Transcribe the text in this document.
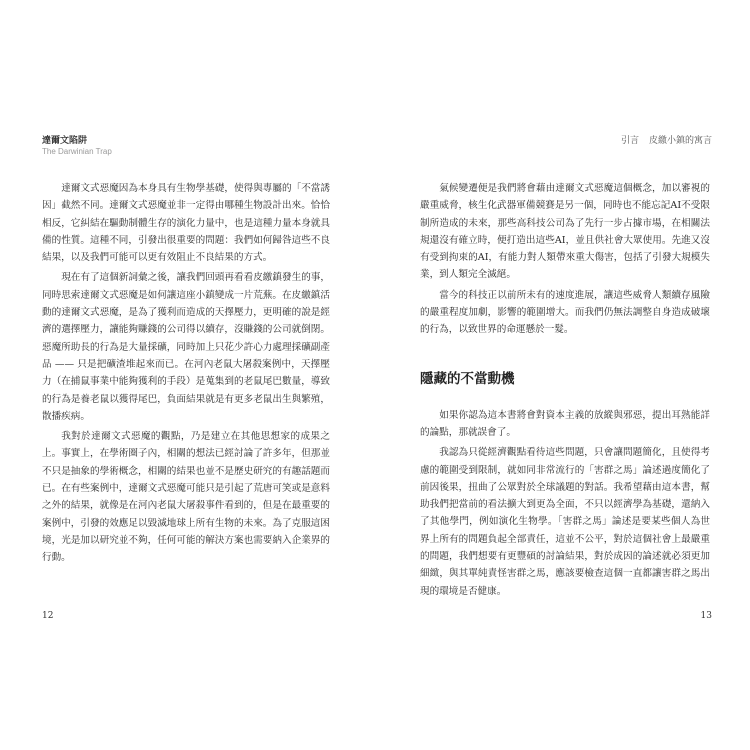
達爾文陷阱
The Darwinian Trap
引言 皮繳小鎮的寓言

達爾文式惡魔因為本身具有生物學基礎，使得與專屬的「不當誘因」截然不同。達爾文式惡魔並非一定得由哪種生物設計出來。恰恰相反，它糾結在驅動制體生存的演化力量中，也是這種力量本身就具備的性質。這種不同，引發出很重要的問題：我們如何歸咎這些不良結果，以及我們可能可以更有效阻止不良結果的方式。

現在有了這個新詞彙之後，讓我們回頭再看看皮繳鎮發生的事，同時思索達爾文式惡魔是如何讓這座小鎮變成一片荒蕪。在皮繳鎮活動的達爾文式惡魔，是為了獲利而造成的天擇壓力，更明確的說是經濟的選擇壓力，讓能夠賺錢的公司得以續存，沒賺錢的公司就倒閉。惡魔所助長的行為是大量採礦，同時加上只花少許心力處理採礦副產品 —— 只是把礦渣堆起來而已。在河內老鼠大屠殺案例中，天擇壓力（在捕鼠事業中能夠獲利的手段）是蒐集到的老鼠尾巴數量，導致的行為是養老鼠以獲得尾巴，負面結果就是有更多老鼠出生與繁殖，散播疾病。

我對於達爾文式惡魔的觀點，乃是建立在其他思想家的成果之上。事實上，在學術圈子內，相關的想法已經討論了許多年，但那並不只是抽象的學術概念，相關的結果也並不是歷史研究的有趣話題而已。在有些案例中，達爾文式惡魔可能只是引起了荒唐可笑或是意料之外的結果，就像是在河內老鼠大屠殺事件看到的，但是在最重要的案例中，引發的效應足以毀滅地球上所有生物的未來。為了克服這困境，光是加以研究並不夠，任何可能的解決方案也需要納入企業界的行動。

氣候變遷便是我們將會藉由達爾文式惡魔這個概念，加以審視的嚴重威脅，核生化武器軍備競賽是另一個，同時也不能忘記AI不受限制所造成的未來，那些高科技公司為了先行一步占據市場，在相關法規還沒有確立時，便打造出這些AI，並且供社會大眾使用。先進又沒有受到拘束的AI，有能力對人類帶來重大傷害，包括了引發大規模失業，到人類完全滅絕。

當今的科技正以前所未有的速度進展，讓這些威脅人類續存風險的嚴重程度加劇，影響的範圍增大。而我們仍無法調整自身造成破壞的行為，以致世界的命運懸於一髮。

隱藏的不當動機

如果你認為這本書將會對資本主義的放縱與邪惡，提出耳熟能詳的論點，那就誤會了。

我認為只從經濟觀點看待這些問題，只會讓問題簡化，且使得考慮的範圍受到限制，就如同非常流行的「害群之馬」論述過度簡化了前因後果，扭曲了公眾對於全球議題的對話。我希望藉由這本書，幫助我們把當前的看法擴大到更為全面，不只以經濟學為基礎，還納入了其他學門，例如演化生物學。「害群之馬」論述是要某些個人為世界上所有的問題負起全部責任，這並不公平，對於這個社會上最嚴重的問題，我們想要有更豐碩的討論結果，對於成因的論述就必須更加細緻，與其單純責怪害群之馬，應該要檢查這個一直都讓害群之馬出現的環境是否健康。

12	13
